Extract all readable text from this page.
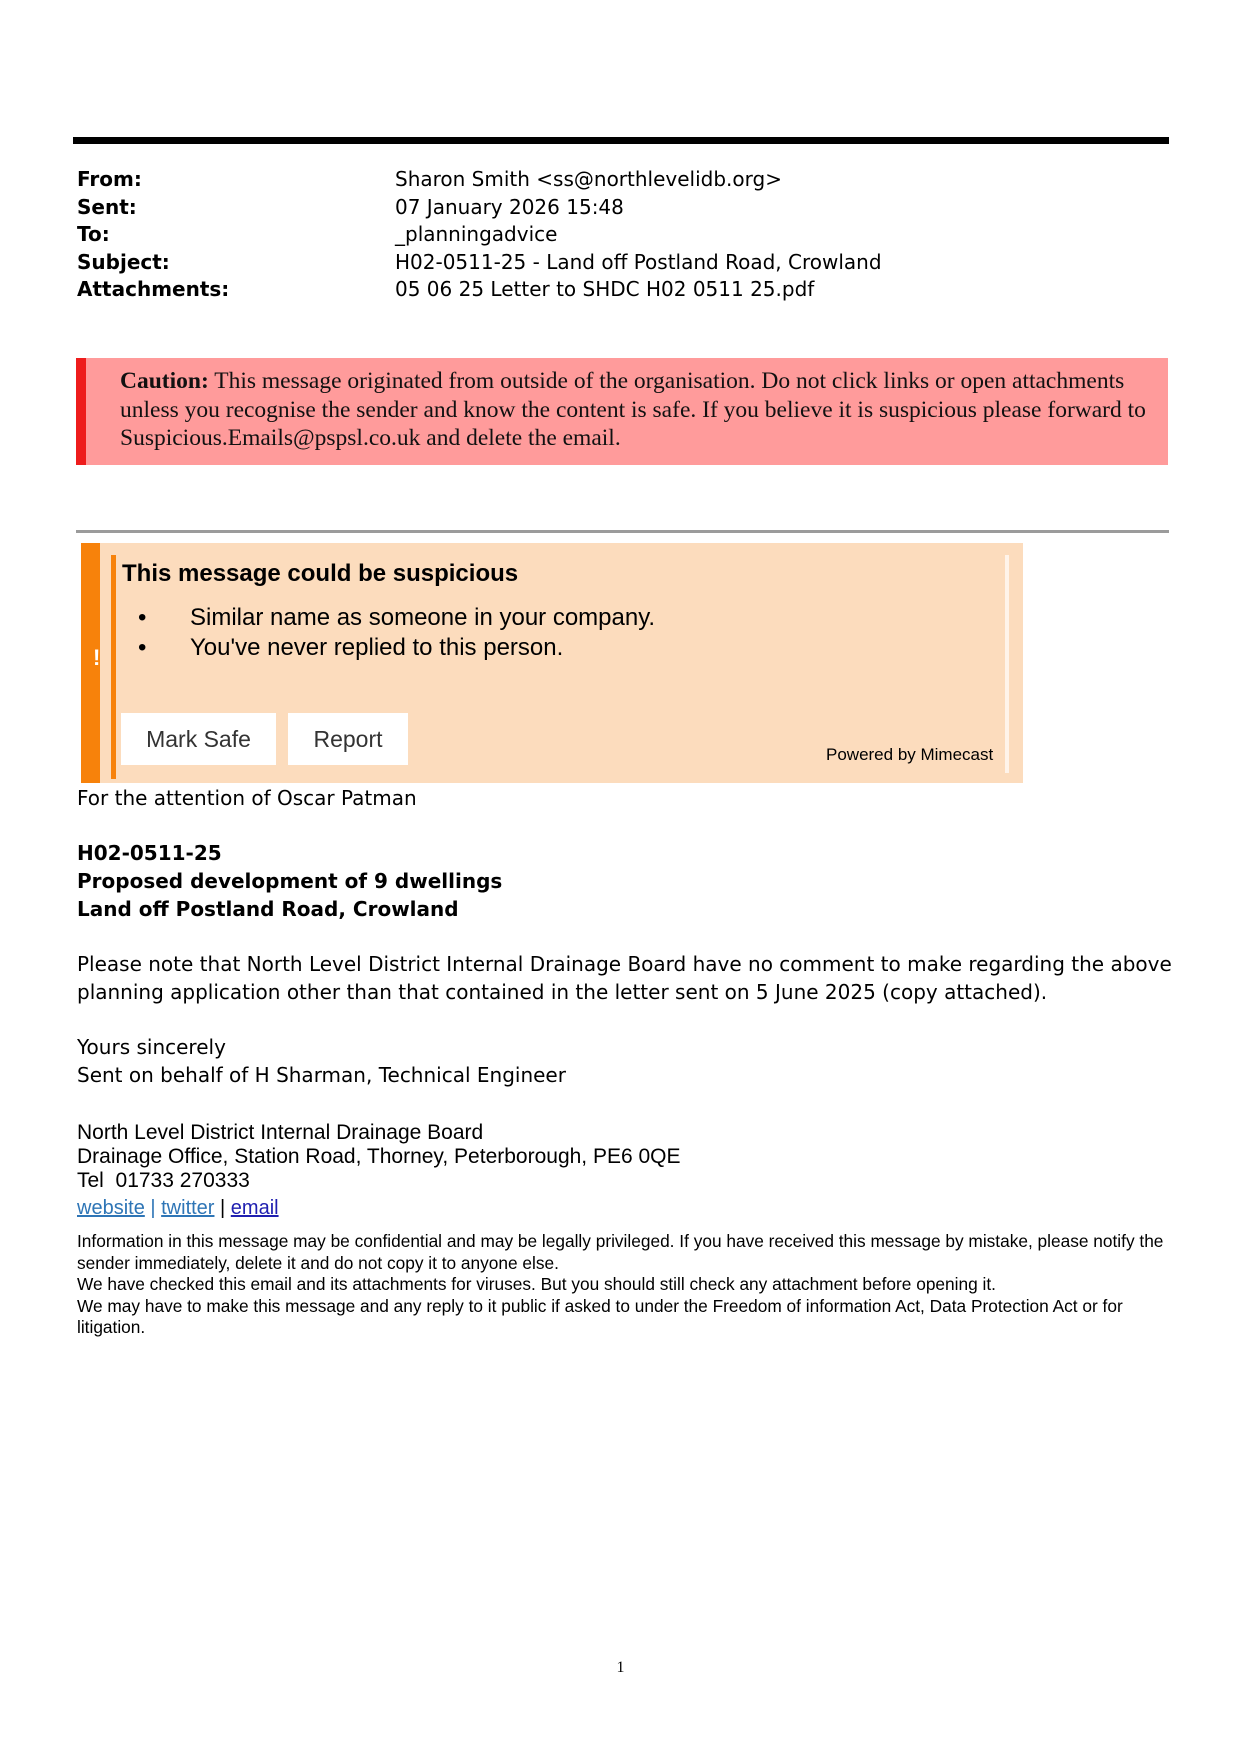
From:	Sharon Smith <ss@northlevelidb.org>
Sent:	07 January 2026 15:48
To:	_planningadvice
Subject:	H02-0511-25 - Land off Postland Road, Crowland
Attachments:	05 06 25 Letter to SHDC H02 0511 25.pdf
Caution: This message originated from outside of the organisation. Do not click links or open attachments unless you recognise the sender and know the content is safe. If you believe it is suspicious please forward to Suspicious.Emails@pspsl.co.uk and delete the email.
!
This message could be suspicious
• Similar name as someone in your company.
• You've never replied to this person.
Mark Safe	Report
Powered by Mimecast
For the attention of Oscar Patman
H02-0511-25
Proposed development of 9 dwellings
Land off Postland Road, Crowland
Please note that North Level District Internal Drainage Board have no comment to make regarding the above
planning application other than that contained in the letter sent on 5 June 2025 (copy attached).
Yours sincerely
Sent on behalf of H Sharman, Technical Engineer
North Level District Internal Drainage Board
Drainage Office, Station Road, Thorney, Peterborough, PE6 0QE
Tel  01733 270333
website | twitter | email

Information in this message may be confidential and may be legally privileged. If you have received this message by mistake, please notify the sender immediately, delete it and do not copy it to anyone else.

We have checked this email and its attachments for viruses. But you should still check any attachment before opening it.

We may have to make this message and any reply to it public if asked to under the Freedom of information Act, Data Protection Act or for litigation.

1
